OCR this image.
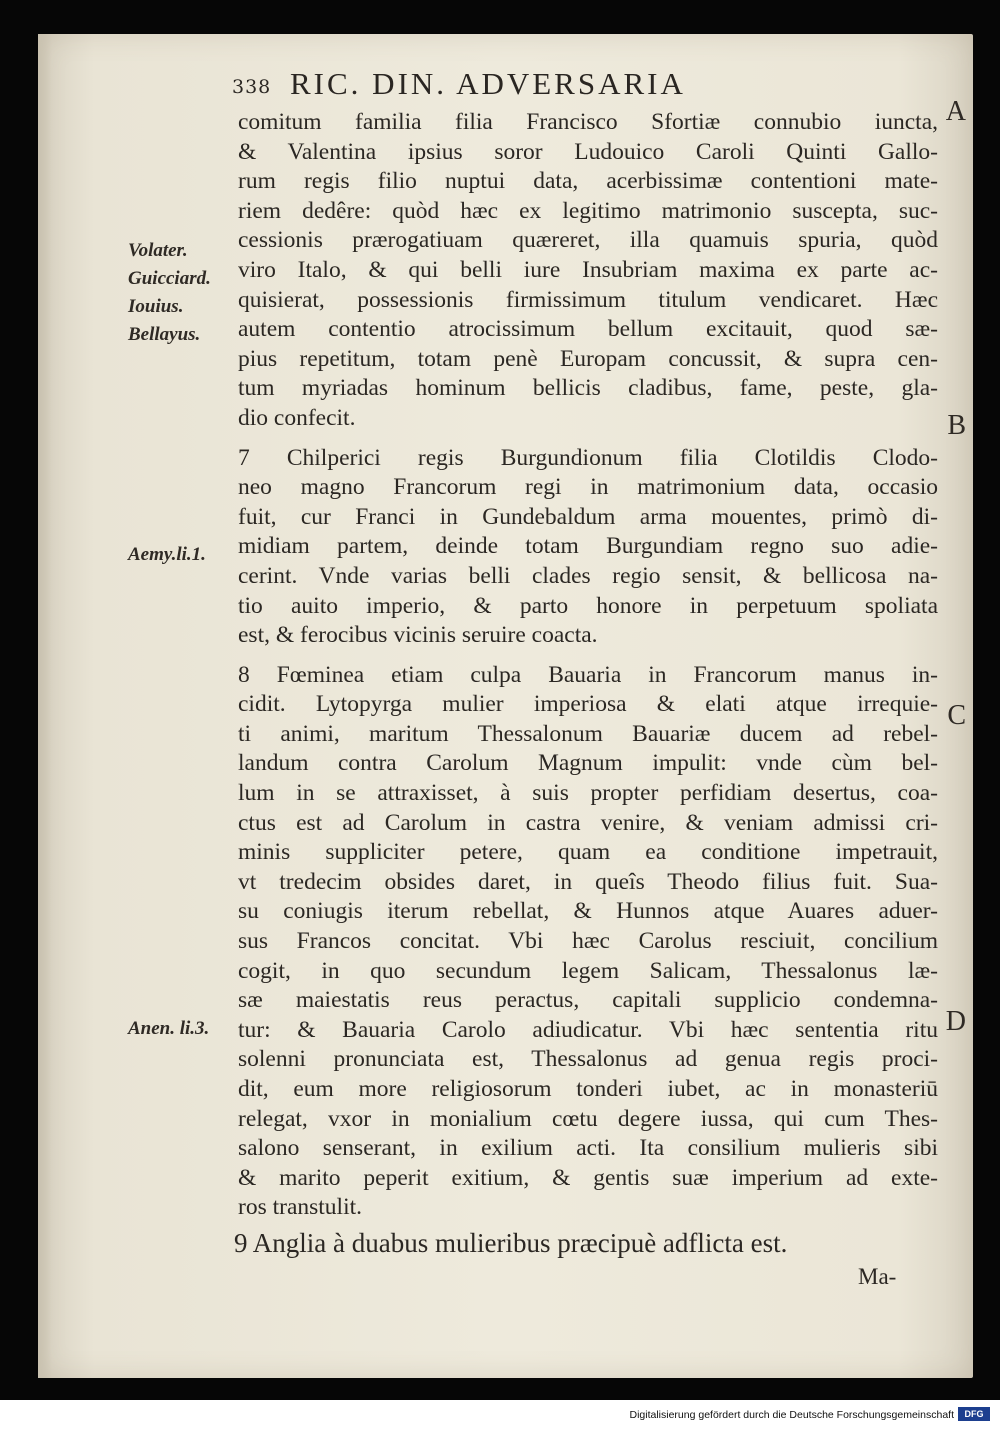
338 RIC. DIN. ADVERSARIA
Volater.
Guicciard.
Iouius.
Bellayus.
Aemy.li.1.
Anen. li.3.
A
B
C
D
comitum familia filia Francisco Sfortiæ connubio iuncta,
& Valentina ipsius soror Ludouico Caroli Quinti Gallo-
rum regis filio nuptui data, acerbissimæ contentioni mate-
riem dedêre: quòd hæc ex legitimo matrimonio suscepta, suc-
cessionis prærogatiuam quæreret, illa quamuis spuria, quòd
viro Italo, & qui belli iure Insubriam maxima ex parte ac-
quisierat, possessionis firmissimum titulum vendicaret. Hæc
autem contentio atrocissimum bellum excitauit, quod sæ-
pius repetitum, totam penè Europam concussit, & supra cen-
tum myriadas hominum bellicis cladibus, fame, peste, gla-
dio confecit.
7 Chilperici regis Burgundionum filia Clotildis Clodo-
neo magno Francorum regi in matrimonium data, occasio
fuit, cur Franci in Gundebaldum arma mouentes, primò di-
midiam partem, deinde totam Burgundiam regno suo adie-
cerint. Vnde varias belli clades regio sensit, & bellicosa na-
tio auito imperio, & parto honore in perpetuum spoliata
est, & ferocibus vicinis seruire coacta.
8 Fœminea etiam culpa Bauaria in Francorum manus in-
cidit. Lytopyrga mulier imperiosa & elati atque irrequie-
ti animi, maritum Thessalonum Bauariæ ducem ad rebel-
landum contra Carolum Magnum impulit: vnde cùm bel-
lum in se attraxisset, à suis propter perfidiam desertus, coa-
ctus est ad Carolum in castra venire, & veniam admissi cri-
minis suppliciter petere, quam ea conditione impetrauit,
vt tredecim obsides daret, in queîs Theodo filius fuit. Sua-
su coniugis iterum rebellat, & Hunnos atque Auares aduer-
sus Francos concitat. Vbi hæc Carolus resciuit, concilium
cogit, in quo secundum legem Salicam, Thessalonus læ-
sæ maiestatis reus peractus, capitali supplicio condemna-
tur: & Bauaria Carolo adiudicatur. Vbi hæc sententia ritu
solenni pronunciata est, Thessalonus ad genua regis proci-
dit, eum more religiosorum tonderi iubet, ac in monasteriū
relegat, vxor in monialium cœtu degere iussa, qui cum Thes-
salono senserant, in exilium acti. Ita consilium mulieris sibi
& marito peperit exitium, & gentis suæ imperium ad exte-
ros transtulit.
9 Anglia à duabus mulieribus præcipuè adflicta est.
Ma-
Digitalisierung gefördert durch die Deutsche Forschungsgemeinschaft	DFG
